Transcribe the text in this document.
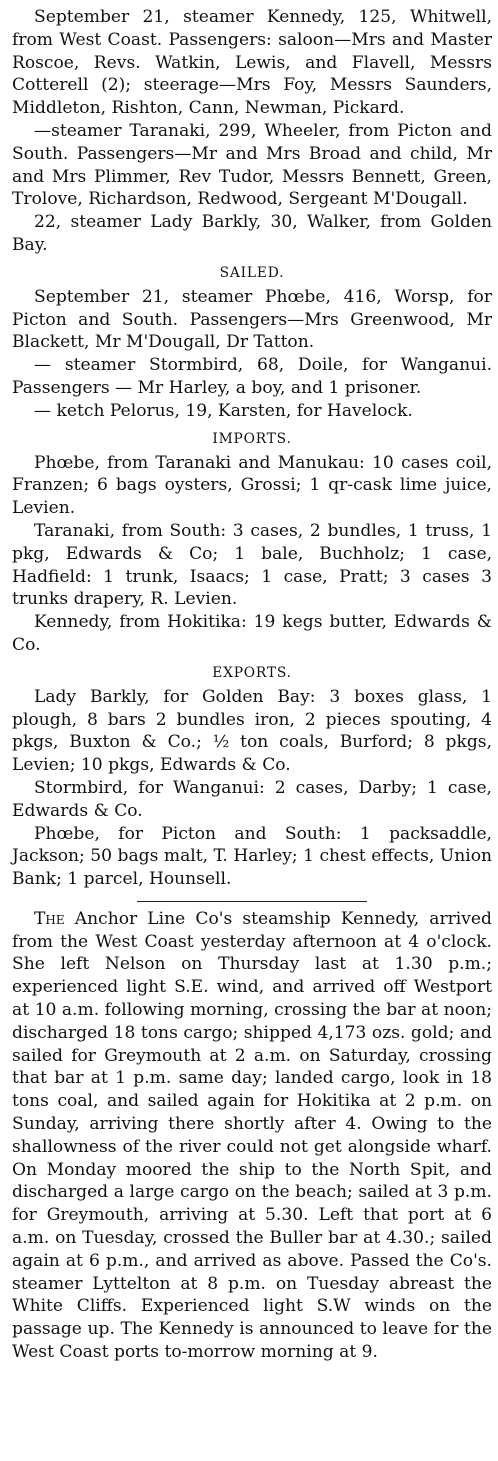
September 21, steamer Kennedy, 125, Whitwell, from West Coast. Passengers: saloon—Mrs and Master Roscoe, Revs. Watkin, Lewis, and Flavell, Messrs Cotterell (2); steerage—Mrs Foy, Messrs Saunders, Middleton, Rishton, Cann, Newman, Pickard.

—steamer Taranaki, 299, Wheeler, from Picton and South. Passengers—Mr and Mrs Broad and child, Mr and Mrs Plimmer, Rev Tudor, Messrs Bennett, Green, Trolove, Richardson, Redwood, Sergeant M'Dougall.

22, steamer Lady Barkly, 30, Walker, from Golden Bay.

SAILED.

September 21, steamer Phœbe, 416, Worsp, for Picton and South. Passengers—Mrs Greenwood, Mr Blackett, Mr M'Dougall, Dr Tatton.

— steamer Stormbird, 68, Doile, for Wanganui. Passengers — Mr Harley, a boy, and 1 prisoner.

— ketch Pelorus, 19, Karsten, for Havelock.

IMPORTS.

Phœbe, from Taranaki and Manukau: 10 cases coil, Franzen; 6 bags oysters, Grossi; 1 qr-cask lime juice, Levien.

Taranaki, from South: 3 cases, 2 bundles, 1 truss, 1 pkg, Edwards & Co; 1 bale, Buchholz; 1 case, Hadfield: 1 trunk, Isaacs; 1 case, Pratt; 3 cases 3 trunks drapery, R. Levien.

Kennedy, from Hokitika: 19 kegs butter, Edwards & Co.

EXPORTS.

Lady Barkly, for Golden Bay: 3 boxes glass, 1 plough, 8 bars 2 bundles iron, 2 pieces spouting, 4 pkgs, Buxton & Co.; ½ ton coals, Burford; 8 pkgs, Levien; 10 pkgs, Edwards & Co.

Stormbird, for Wanganui: 2 cases, Darby; 1 case, Edwards & Co.

Phœbe, for Picton and South: 1 packsaddle, Jackson; 50 bags malt, T. Harley; 1 chest effects, Union Bank; 1 parcel, Hounsell.

The Anchor Line Co's steamship Kennedy, arrived from the West Coast yesterday afternoon at 4 o'clock. She left Nelson on Thursday last at 1.30 p.m.; experienced light S.E. wind, and arrived off Westport at 10 a.m. following morning, crossing the bar at noon; discharged 18 tons cargo; shipped 4,173 ozs. gold; and sailed for Greymouth at 2 a.m. on Saturday, crossing that bar at 1 p.m. same day; landed cargo, look in 18 tons coal, and sailed again for Hokitika at 2 p.m. on Sunday, arriving there shortly after 4. Owing to the shallowness of the river could not get alongside wharf. On Monday moored the ship to the North Spit, and discharged a large cargo on the beach; sailed at 3 p.m. for Greymouth, arriving at 5.30. Left that port at 6 a.m. on Tuesday, crossed the Buller bar at 4.30.; sailed again at 6 p.m., and arrived as above. Passed the Co's. steamer Lyttelton at 8 p.m. on Tuesday abreast the White Cliffs. Experienced light S.W winds on the passage up. The Kennedy is announced to leave for the West Coast ports to-morrow morning at 9.
